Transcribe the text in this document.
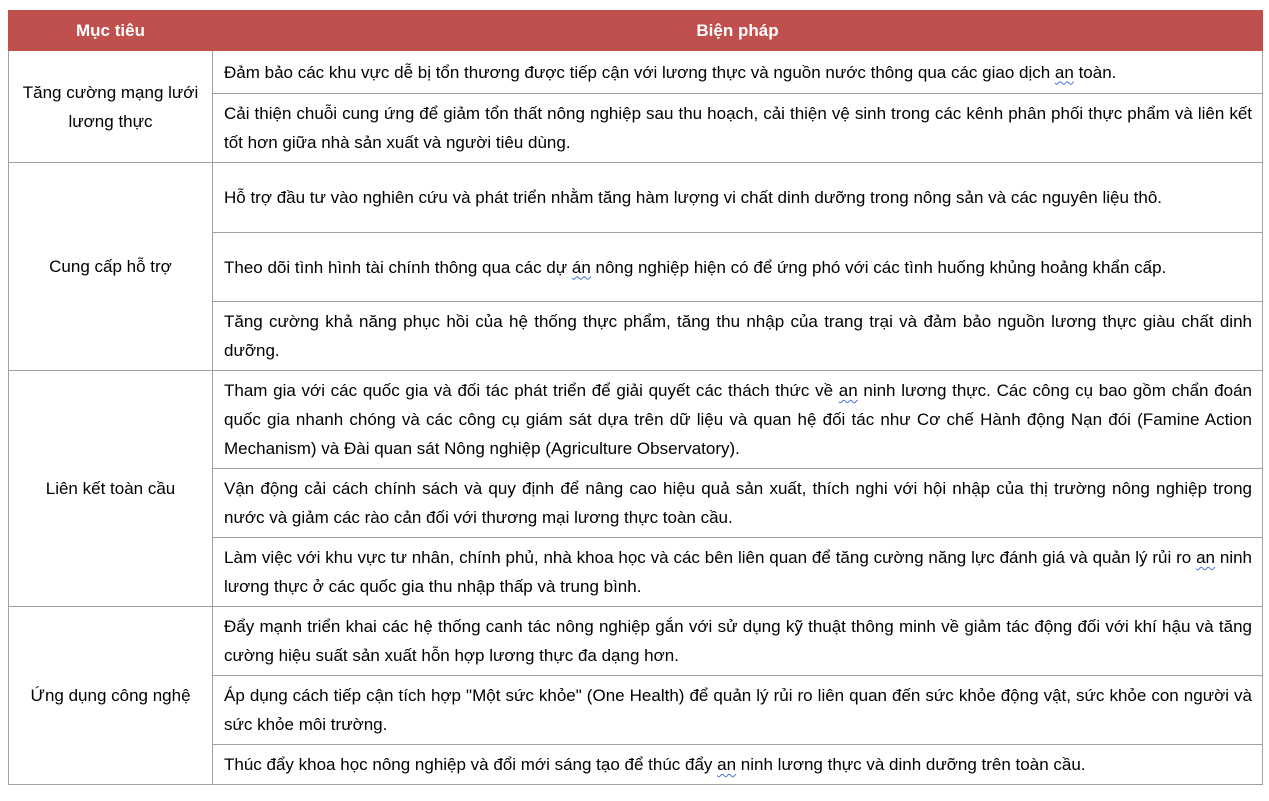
Mục tiêu	Biện pháp
Tăng cường mạng lưới lương thực	Đảm bảo các khu vực dễ bị tổn thương được tiếp cận với lương thực và nguồn nước thông qua các giao dịch an toàn.
	Cải thiện chuỗi cung ứng để giảm tổn thất nông nghiệp sau thu hoạch, cải thiện vệ sinh trong các kênh phân phối thực phẩm và liên kết tốt hơn giữa nhà sản xuất và người tiêu dùng.
Cung cấp hỗ trợ	Hỗ trợ đầu tư vào nghiên cứu và phát triển nhằm tăng hàm lượng vi chất dinh dưỡng trong nông sản và các nguyên liệu thô.
	Theo dõi tình hình tài chính thông qua các dự án nông nghiệp hiện có để ứng phó với các tình huống khủng hoảng khẩn cấp.
	Tăng cường khả năng phục hồi của hệ thống thực phẩm, tăng thu nhập của trang trại và đảm bảo nguồn lương thực giàu chất dinh dưỡng.
Liên kết toàn cầu	Tham gia với các quốc gia và đối tác phát triển để giải quyết các thách thức về an ninh lương thực. Các công cụ bao gồm chẩn đoán quốc gia nhanh chóng và các công cụ giám sát dựa trên dữ liệu và quan hệ đối tác như Cơ chế Hành động Nạn đói (Famine Action Mechanism) và Đài quan sát Nông nghiệp (Agriculture Observatory).
	Vận động cải cách chính sách và quy định để nâng cao hiệu quả sản xuất, thích nghi với hội nhập của thị trường nông nghiệp trong nước và giảm các rào cản đối với thương mại lương thực toàn cầu.
	Làm việc với khu vực tư nhân, chính phủ, nhà khoa học và các bên liên quan để tăng cường năng lực đánh giá và quản lý rủi ro an ninh lương thực ở các quốc gia thu nhập thấp và trung bình.
Ứng dụng công nghệ	Đẩy mạnh triển khai các hệ thống canh tác nông nghiệp gắn với sử dụng kỹ thuật thông minh về giảm tác động đối với khí hậu và tăng cường hiệu suất sản xuất hỗn hợp lương thực đa dạng hơn.
	Áp dụng cách tiếp cận tích hợp "Một sức khỏe" (One Health) để quản lý rủi ro liên quan đến sức khỏe động vật, sức khỏe con người và sức khỏe môi trường.
	Thúc đẩy khoa học nông nghiệp và đổi mới sáng tạo để thúc đẩy an ninh lương thực và dinh dưỡng trên toàn cầu.
